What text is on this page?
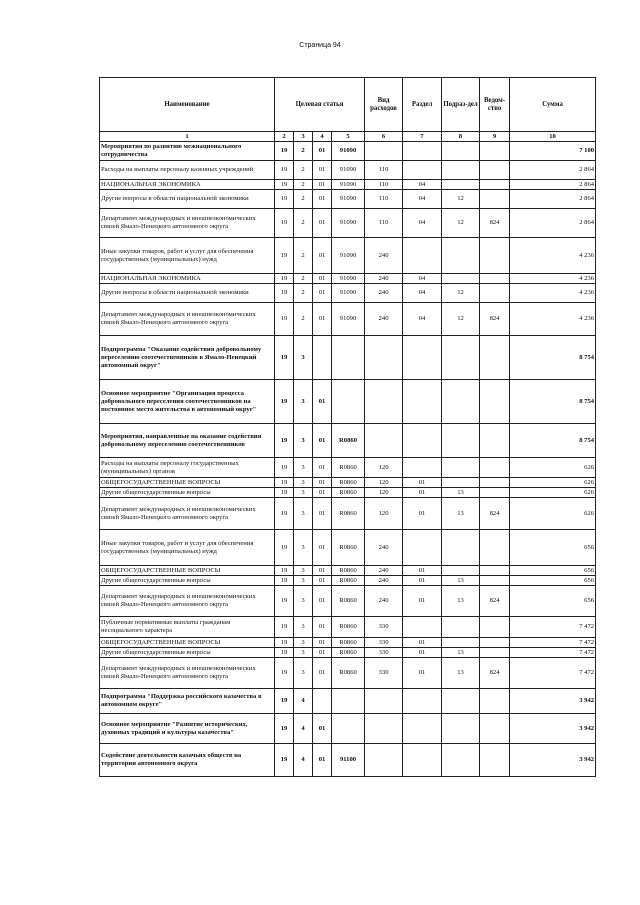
Страница 94
Наименование	Целевая статья				Вид расходов	Раздел	Подраз-дел	Ведом-ство	Сумма
1	2	3	4	5	6	7	8	9	10
Мероприятия по развитию межнационального сотрудничества	19	2	01	91090					7 100
Расходы на выплаты персоналу казенных учреждений	19	2	01	91090	110				2 864
НАЦИОНАЛЬНАЯ ЭКОНОМИКА	19	2	01	91090	110	04			2 864
Другие вопросы в области национальной экономики	19	2	01	91090	110	04	12		2 864
Департамент международных и внешнеэкономических связей Ямало-Ненецкого автономного округа	19	2	01	91090	110	04	12	824	2 864
Иные закупки товаров, работ и услуг для обеспечения государственных (муниципальных) нужд	19	2	01	91090	240				4 236
НАЦИОНАЛЬНАЯ ЭКОНОМИКА	19	2	01	91090	240	04			4 236
Другие вопросы в области национальной экономики	19	2	01	91090	240	04	12		4 236
Департамент международных и внешнеэкономических связей Ямало-Ненецкого автономного округа	19	2	01	91090	240	04	12	824	4 236
Подпрограмма "Оказание содействия добровольному переселению соотечественников в Ямало-Ненецкий автономный округ"	19	3							8 754
Основное мероприятие "Организация процесса добровольного переселения соотечественников на постоянное место жительства в автономный округ"	19	3	01						8 754
Мероприятия, направленные на оказание содействия добровольному переселению соотечественников	19	3	01	R0860					8 754
Расходы на выплаты персоналу государственных (муниципальных) органов	19	3	01	R0860	120				626
ОБЩЕГОСУДАРСТВЕННЫЕ ВОПРОСЫ	19	3	01	R0860	120	01			626
Другие общегосударственные вопросы	19	3	01	R0860	120	01	13		626
Департамент международных и внешнеэкономических связей Ямало-Ненецкого автономного округа	19	3	01	R0860	120	01	13	824	626
Иные закупки товаров, работ и услуг для обеспечения государственных (муниципальных) нужд	19	3	01	R0860	240				656
ОБЩЕГОСУДАРСТВЕННЫЕ ВОПРОСЫ	19	3	01	R0860	240	01			656
Другие общегосударственные вопросы	19	3	01	R0860	240	01	13		656
Департамент международных и внешнеэкономических связей Ямало-Ненецкого автономного округа	19	3	01	R0860	240	01	13	824	656
Публичные нормативные выплаты гражданам несоциального характера	19	3	01	R0860	330				7 472
ОБЩЕГОСУДАРСТВЕННЫЕ ВОПРОСЫ	19	3	01	R0860	330	01			7 472
Другие общегосударственные вопросы	19	3	01	R0860	330	01	13		7 472
Департамент международных и внешнеэкономических связей Ямало-Ненецкого автономного округа	19	3	01	R0860	330	01	13	824	7 472
Подпрограмма "Поддержка российского казачества в автономном округе"	19	4							3 942
Основное мероприятие "Развитие исторических, духовных традиций и культуры казачества"	19	4	01						3 942
Содействие деятельности казачьих обществ на территории автономного округа	19	4	01	91100					3 942
